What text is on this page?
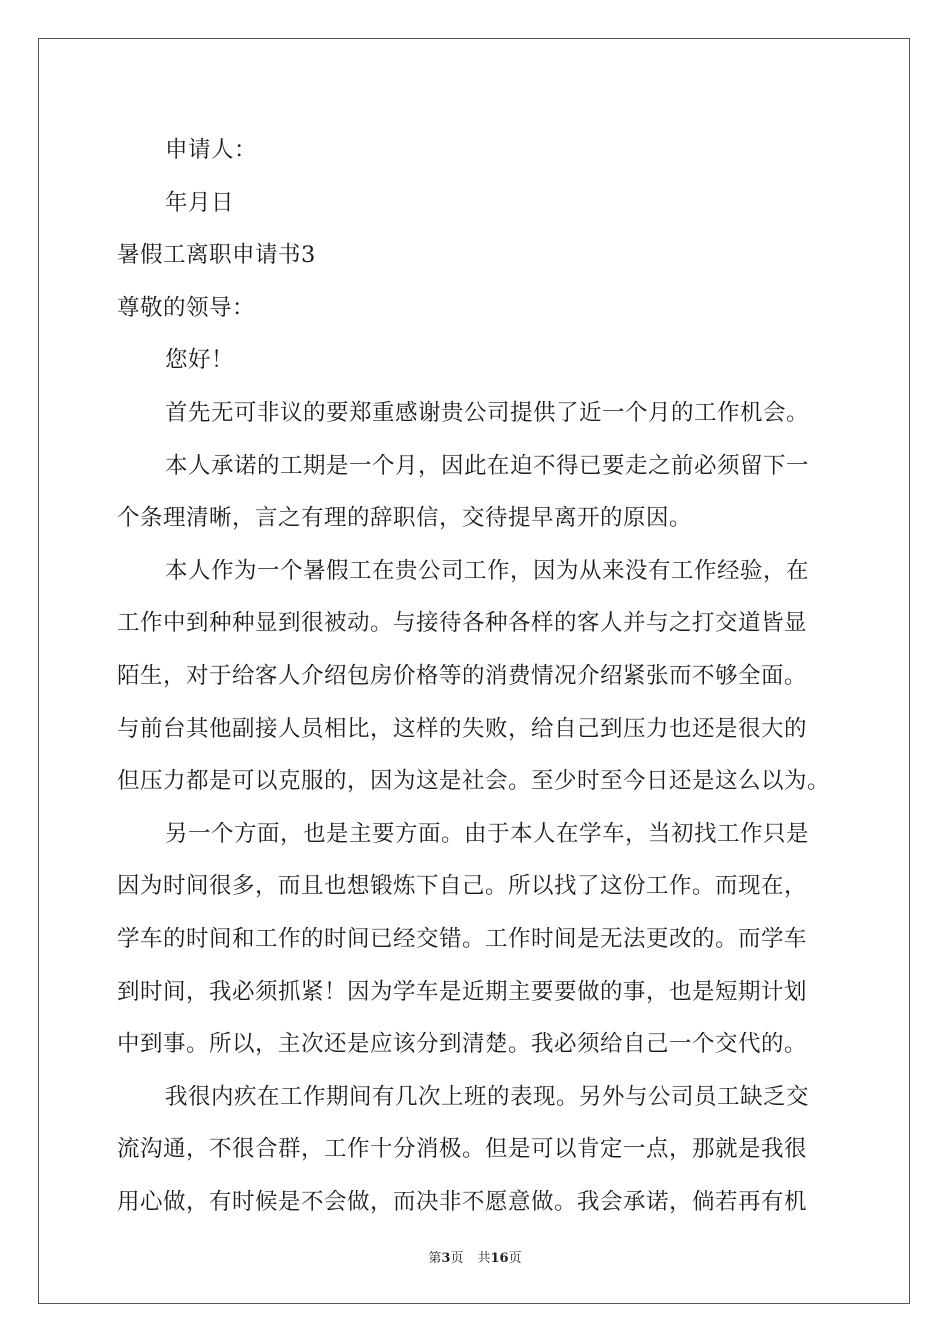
申请人：
年月日
暑假工离职申请书3
尊敬的领导：
您好！
首先无可非议的要郑重感谢贵公司提供了近一个月的工作机会。
本人承诺的工期是一个月，因此在迫不得已要走之前必须留下一
个条理清晰，言之有理的辞职信，交待提早离开的原因。
本人作为一个暑假工在贵公司工作，因为从来没有工作经验，在
工作中到种种显到很被动。与接待各种各样的客人并与之打交道皆显
陌生，对于给客人介绍包房价格等的消费情况介绍紧张而不够全面。
与前台其他副接人员相比，这样的失败，给自己到压力也还是很大的
但压力都是可以克服的，因为这是社会。至少时至今日还是这么以为。
另一个方面，也是主要方面。由于本人在学车，当初找工作只是
因为时间很多，而且也想锻炼下自己。所以找了这份工作。而现在，
学车的时间和工作的时间已经交错。工作时间是无法更改的。而学车
到时间，我必须抓紧！因为学车是近期主要要做的事，也是短期计划
中到事。所以，主次还是应该分到清楚。我必须给自己一个交代的。
我很内疚在工作期间有几次上班的表现。另外与公司员工缺乏交
流沟通，不很合群，工作十分消极。但是可以肯定一点，那就是我很
用心做，有时候是不会做，而决非不愿意做。我会承诺，倘若再有机
第3页 共16页
